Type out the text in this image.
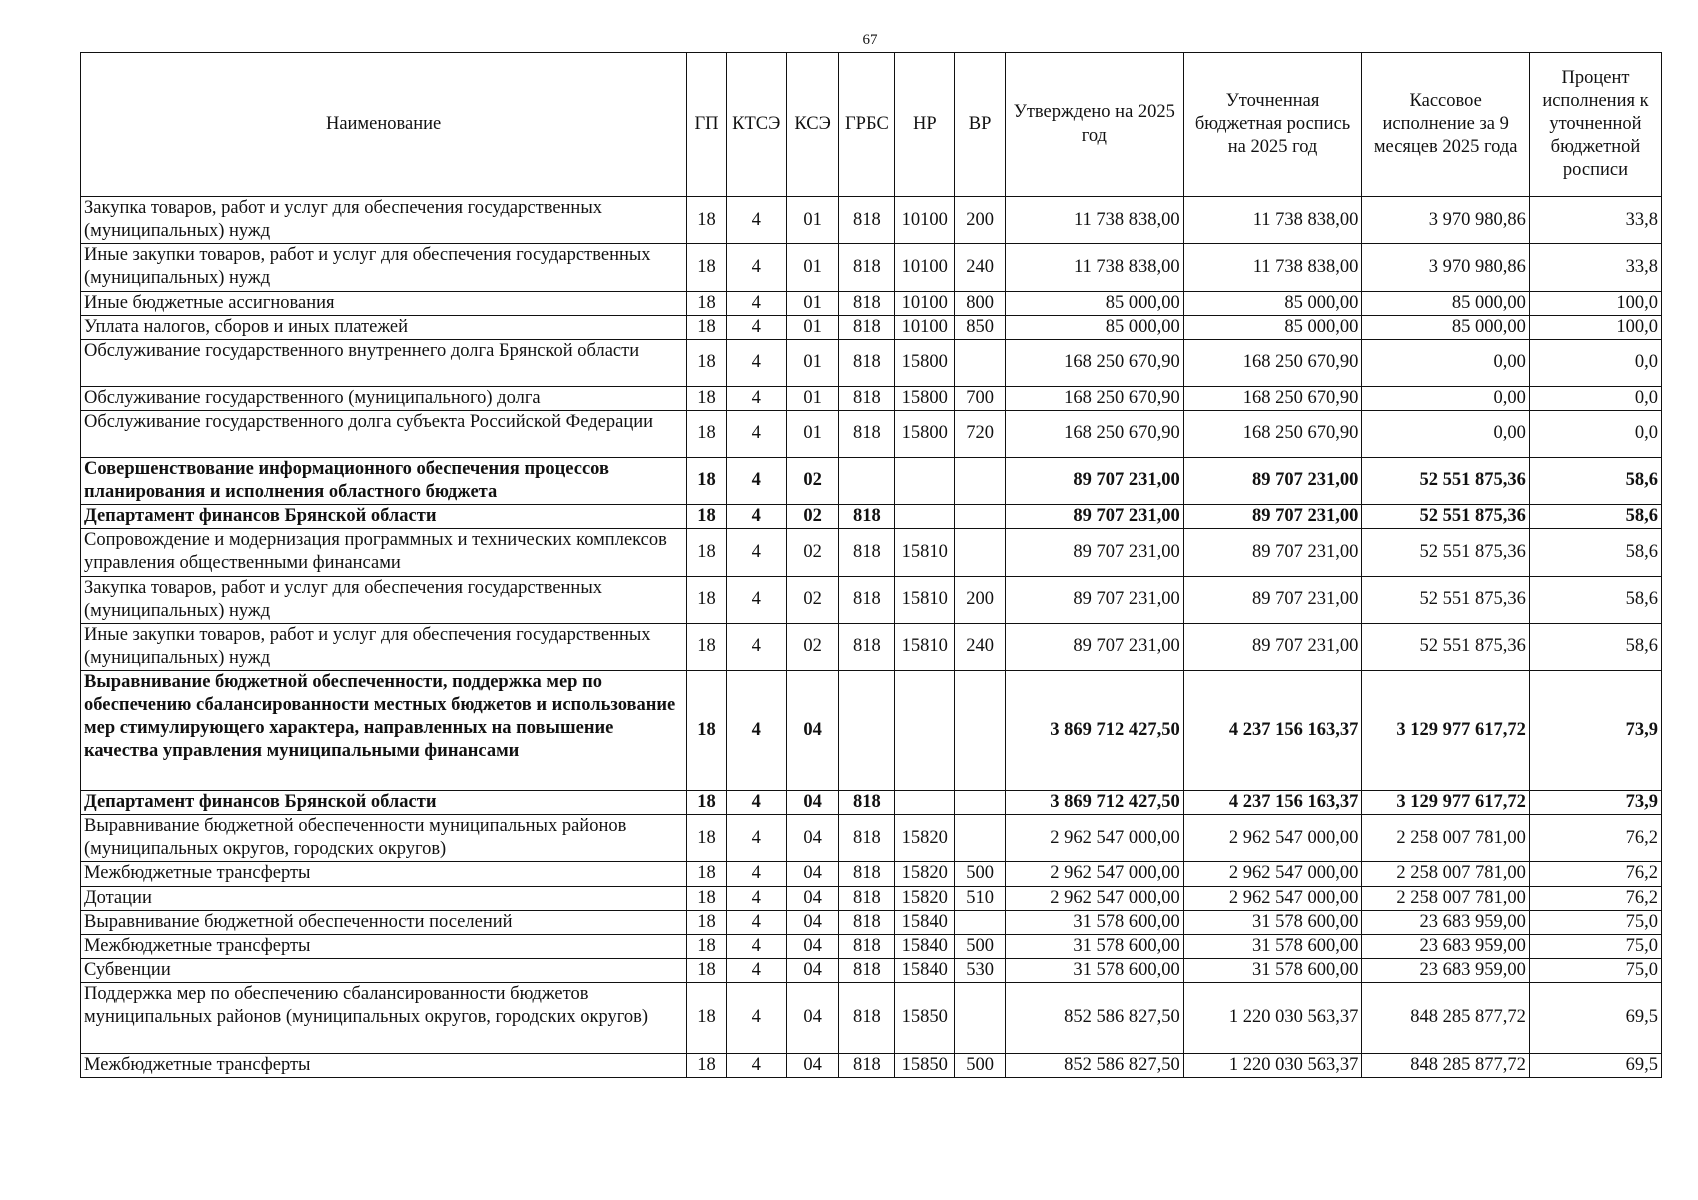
67
Наименование	ГП	КТСЭ	КСЭ	ГРБС	НР	ВР	Утверждено на 2025 год	Уточненная бюджетная роспись на 2025 год	Кассовое исполнение за 9 месяцев 2025 года	Процент исполнения к уточненной бюджетной росписи
Закупка товаров, работ и услуг для обеспечения государственных (муниципальных) нужд	18	4	01	818	10100	200	11 738 838,00	11 738 838,00	3 970 980,86	33,8
Иные закупки товаров, работ и услуг для обеспечения государственных (муниципальных) нужд	18	4	01	818	10100	240	11 738 838,00	11 738 838,00	3 970 980,86	33,8
Иные бюджетные ассигнования	18	4	01	818	10100	800	85 000,00	85 000,00	85 000,00	100,0
Уплата налогов, сборов и иных платежей	18	4	01	818	10100	850	85 000,00	85 000,00	85 000,00	100,0
Обслуживание государственного внутреннего долга Брянской области	18	4	01	818	15800		168 250 670,90	168 250 670,90	0,00	0,0
Обслуживание государственного (муниципального) долга	18	4	01	818	15800	700	168 250 670,90	168 250 670,90	0,00	0,0
Обслуживание государственного долга субъекта Российской Федерации	18	4	01	818	15800	720	168 250 670,90	168 250 670,90	0,00	0,0
Совершенствование информационного обеспечения процессов планирования и исполнения областного бюджета	18	4	02				89 707 231,00	89 707 231,00	52 551 875,36	58,6
Департамент финансов Брянской области	18	4	02	818			89 707 231,00	89 707 231,00	52 551 875,36	58,6
Сопровождение и модернизация программных и технических комплексов управления общественными финансами	18	4	02	818	15810		89 707 231,00	89 707 231,00	52 551 875,36	58,6
Закупка товаров, работ и услуг для обеспечения государственных (муниципальных) нужд	18	4	02	818	15810	200	89 707 231,00	89 707 231,00	52 551 875,36	58,6
Иные закупки товаров, работ и услуг для обеспечения государственных (муниципальных) нужд	18	4	02	818	15810	240	89 707 231,00	89 707 231,00	52 551 875,36	58,6
Выравнивание бюджетной обеспеченности, поддержка мер по обеспечению сбалансированности местных бюджетов и использование мер стимулирующего характера, направленных на повышение качества управления муниципальными финансами	18	4	04				3 869 712 427,50	4 237 156 163,37	3 129 977 617,72	73,9
Департамент финансов Брянской области	18	4	04	818			3 869 712 427,50	4 237 156 163,37	3 129 977 617,72	73,9
Выравнивание бюджетной обеспеченности муниципальных районов (муниципальных округов, городских округов)	18	4	04	818	15820		2 962 547 000,00	2 962 547 000,00	2 258 007 781,00	76,2
Межбюджетные трансферты	18	4	04	818	15820	500	2 962 547 000,00	2 962 547 000,00	2 258 007 781,00	76,2
Дотации	18	4	04	818	15820	510	2 962 547 000,00	2 962 547 000,00	2 258 007 781,00	76,2
Выравнивание бюджетной обеспеченности поселений	18	4	04	818	15840		31 578 600,00	31 578 600,00	23 683 959,00	75,0
Межбюджетные трансферты	18	4	04	818	15840	500	31 578 600,00	31 578 600,00	23 683 959,00	75,0
Субвенции	18	4	04	818	15840	530	31 578 600,00	31 578 600,00	23 683 959,00	75,0
Поддержка мер по обеспечению сбалансированности бюджетов муниципальных районов (муниципальных округов, городских округов)	18	4	04	818	15850		852 586 827,50	1 220 030 563,37	848 285 877,72	69,5
Межбюджетные трансферты	18	4	04	818	15850	500	852 586 827,50	1 220 030 563,37	848 285 877,72	69,5
